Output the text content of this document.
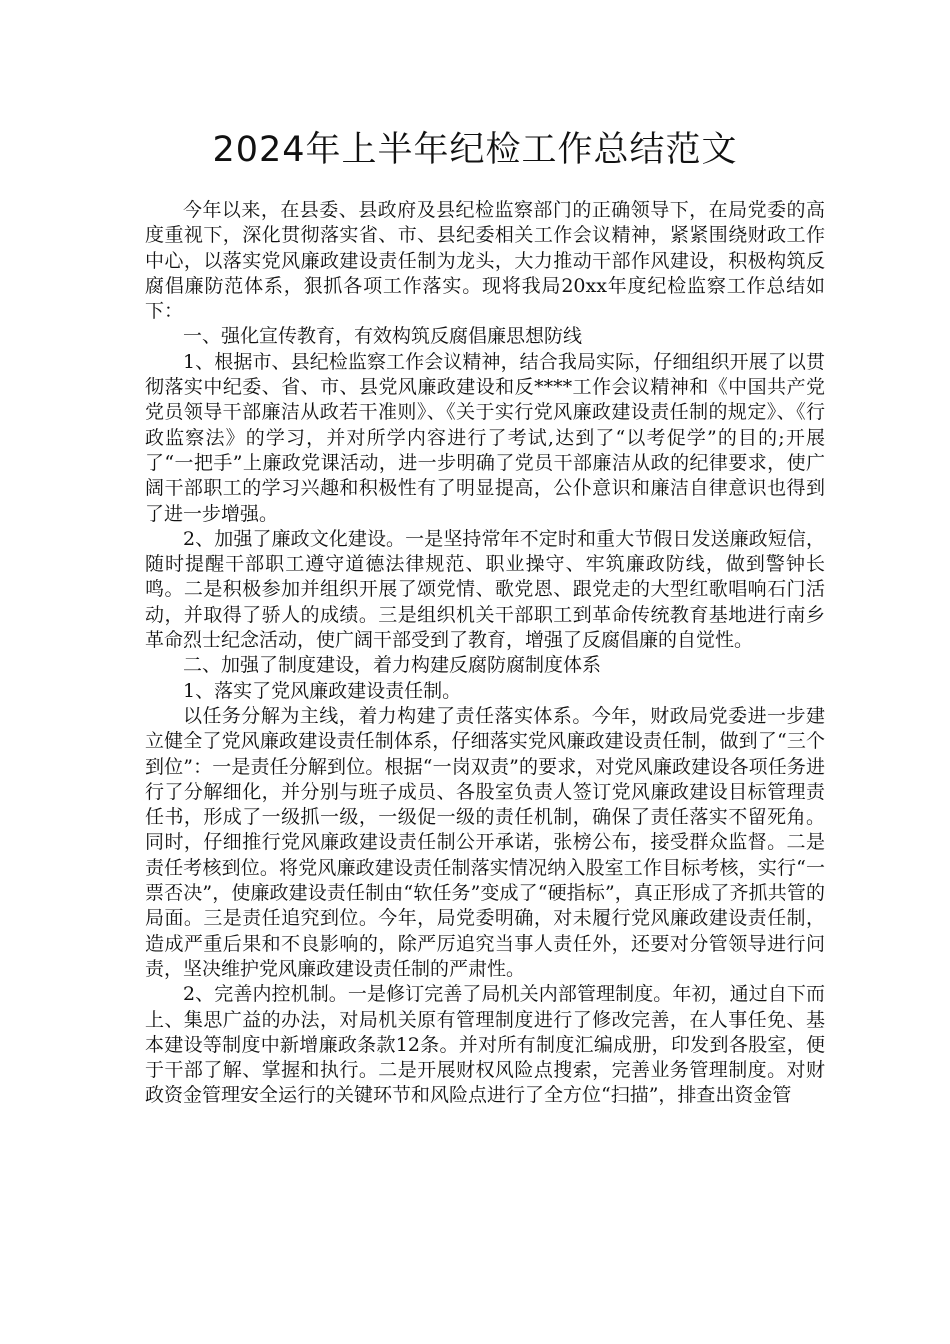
2024年上半年纪检工作总结范文

今年以来，在县委、县政府及县纪检监察部门的正确领导下，在局党委的高度重视下，深化贯彻落实省、市、县纪委相关工作会议精神，紧紧围绕财政工作中心，以落实党风廉政建设责任制为龙头，大力推动干部作风建设，积极构筑反腐倡廉防范体系，狠抓各项工作落实。现将我局20xx年度纪检监察工作总结如下：

一、强化宣传教育，有效构筑反腐倡廉思想防线

1、根据市、县纪检监察工作会议精神，结合我局实际，仔细组织开展了以贯彻落实中纪委、省、市、县党风廉政建设和反****工作会议精神和《中国共产党党员领导干部廉洁从政若干准则》、《关于实行党风廉政建设责任制的规定》、《行政监察法》的学习，并对所学内容进行了考试,达到了“以考促学”的目的;开展了“一把手”上廉政党课活动，进一步明确了党员干部廉洁从政的纪律要求，使广阔干部职工的学习兴趣和积极性有了明显提高，公仆意识和廉洁自律意识也得到了进一步增强。

2、加强了廉政文化建设。一是坚持常年不定时和重大节假日发送廉政短信，随时提醒干部职工遵守道德法律规范、职业操守、牢筑廉政防线，做到警钟长鸣。二是积极参加并组织开展了颂党情、歌党恩、跟党走的大型红歌唱响石门活动，并取得了骄人的成绩。三是组织机关干部职工到革命传统教育基地进行南乡革命烈士纪念活动，使广阔干部受到了教育，增强了反腐倡廉的自觉性。

二、加强了制度建设，着力构建反腐防腐制度体系

1、落实了党风廉政建设责任制。

以任务分解为主线，着力构建了责任落实体系。今年，财政局党委进一步建立健全了党风廉政建设责任制体系，仔细落实党风廉政建设责任制，做到了“三个到位”：一是责任分解到位。根据“一岗双责”的要求，对党风廉政建设各项任务进行了分解细化，并分别与班子成员、各股室负责人签订党风廉政建设目标管理责任书，形成了一级抓一级，一级促一级的责任机制，确保了责任落实不留死角。同时，仔细推行党风廉政建设责任制公开承诺，张榜公布，接受群众监督。二是责任考核到位。将党风廉政建设责任制落实情况纳入股室工作目标考核，实行“一票否决”，使廉政建设责任制由“软任务”变成了“硬指标”，真正形成了齐抓共管的局面。三是责任追究到位。今年，局党委明确，对未履行党风廉政建设责任制，造成严重后果和不良影响的，除严厉追究当事人责任外，还要对分管领导进行问责，坚决维护党风廉政建设责任制的严肃性。

2、完善内控机制。一是修订完善了局机关内部管理制度。年初，通过自下而上、集思广益的办法，对局机关原有管理制度进行了修改完善，在人事任免、基本建设等制度中新增廉政条款12条。并对所有制度汇编成册，印发到各股室，便于干部了解、掌握和执行。二是开展财权风险点搜索，完善业务管理制度。对财政资金管理安全运行的关键环节和风险点进行了全方位“扫描”，排查出资金管
